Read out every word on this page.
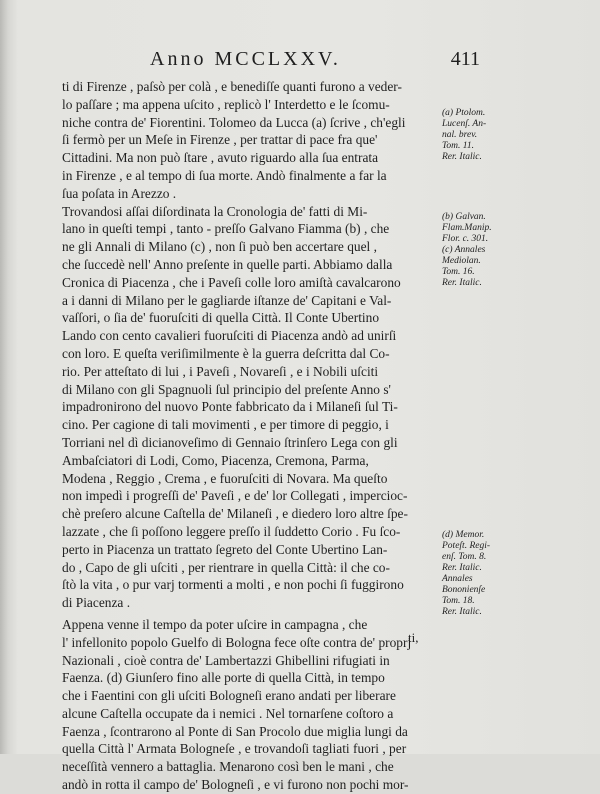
Anno MCCLXXV.	411
ti di Firenze , paſsò per colà , e benediſſe quanti furono a veder-
lo paſſare ; ma appena uſcito , replicò l' Interdetto e le ſcomu-
niche contra de' Fiorentini. Tolomeo da Lucca (a) ſcrive , ch'egli
ſi fermò per un Meſe in Firenze , per trattar di pace fra que'
Cittadini. Ma non può ſtare , avuto riguardo alla ſua entrata
in Firenze , e al tempo di ſua morte. Andò finalmente a far la
ſua poſata in Arezzo .
Trovandosi aſſai diſordinata la Cronologia de' fatti di Mi-
lano in queſti tempi , tanto - preſſo Galvano Fiamma (b) , che
ne gli Annali di Milano (c) , non ſi può ben accertare quel ,
che ſuccedè nell' Anno preſente in quelle parti. Abbiamo dalla
Cronica di Piacenza , che i Paveſi colle loro amiſtà cavalcarono
a i danni di Milano per le gagliarde iſtanze de' Capitani e Val-
vaſſori, o ſia de' fuoruſciti di quella Città. Il Conte Ubertino
Lando con cento cavalieri fuoruſciti di Piacenza andò ad unirſi
con loro. E queſta veriſimilmente è la guerra deſcritta dal Co-
rio. Per atteſtato di lui , i Paveſi , Novareſi , e i Nobili uſciti
di Milano con gli Spagnuoli ſul principio del preſente Anno s'
impadronirono del nuovo Ponte fabbricato da i Milaneſi ſul Ti-
cino. Per cagione di tali movimenti , e per timore di peggio, i
Torriani nel dì dicianoveſimo di Gennaio ſtrinſero Lega con gli
Ambaſciatori di Lodi, Como, Piacenza, Cremona, Parma,
Modena , Reggio , Crema , e fuoruſciti di Novara. Ma queſto
non impedì i progreſſi de' Paveſi , e de' lor Collegati , impercioc-
chè preſero alcune Caſtella de' Milaneſi , e diedero loro altre ſpe-
lazzate , che ſi poſſono leggere preſſo il ſuddetto Corio . Fu ſco-
perto in Piacenza un trattato ſegreto del Conte Ubertino Lan-
do , Capo de gli uſciti , per rientrare in quella Città: il che co-
ſtò la vita , o pur varj tormenti a molti , e non pochi ſi fuggirono
di Piacenza .
Appena venne il tempo da poter uſcire in campagna , che
l' infellonito popolo Guelfo di Bologna fece oſte contra de' proprj
Nazionali , cioè contra de' Lambertazzi Ghibellini rifugiati in
Faenza. (d) Giunſero fino alle porte di quella Città, in tempo
che i Faentini con gli uſciti Bologneſi erano andati per liberare
alcune Caſtella occupate da i nemici . Nel tornarſene coſtoro a
Faenza , ſcontrarono al Ponte di San Procolo due miglia lungi da
quella Città l' Armata Bologneſe , e trovandoſi tagliati fuori , per
neceſſità vennero a battaglia. Menarono così ben le mani , che
andò in rotta il campo de' Bologneſi , e vi furono non pochi mor-
(a) Ptolom.
Lucenſ. An-
nal. brev.
Tom. 11.
Rer. Italic.
(b) Galvan.
Flam.Manip.
Flor. c. 301.
(c) Annales
Mediolan.
Tom. 16.
Rer. Italic.
(d) Memor.
Poteſt. Regi-
enſ. Tom. 8.
Rer. Italic.
Annales
Bononienſe
Tom. 18.
Rer. Italic.
ti,
